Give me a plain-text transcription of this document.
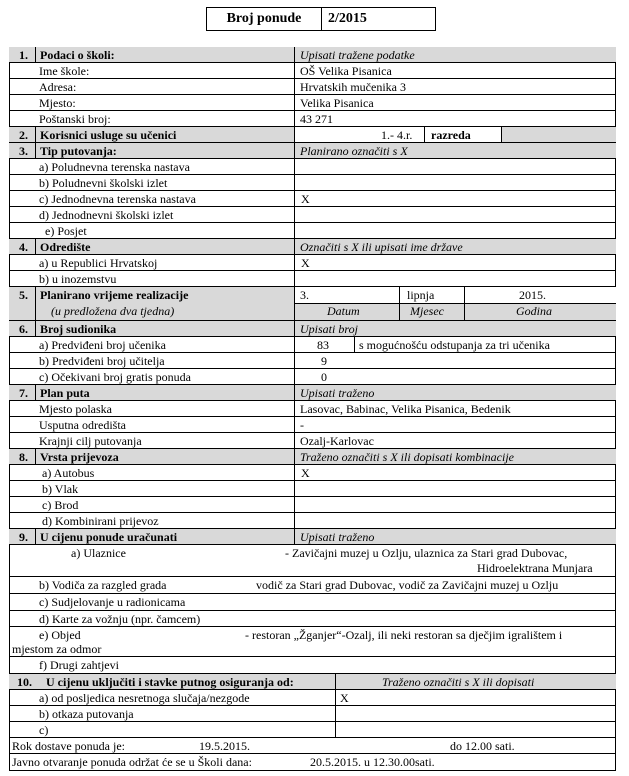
Broj ponude	2/2015
1. Podaci o školi:	Upisati tražene podatke
Ime škole:	OŠ Velika Pisanica
Adresa:	Hrvatskih mučenika 3
Mjesto:	Velika Pisanica
Poštanski broj:	43 271
2. Korisnici usluge su učenici	1.- 4.r. razreda
3. Tip putovanja:	Planirano označiti s X
a) Poludnevna terenska nastava
b) Poludnevni školski izlet
c) Jednodnevna terenska nastava	X
d) Jednodnevni školski izlet
e) Posjet
4. Odredište	Označiti s X ili upisati ime države
a) u Republici Hrvatskoj	X
b) u inozemstvu
5. Planirano vrijeme realizacije
(u predložena dva tjedna)
3.	lipnja	2015.
Datum	Mjesec	Godina
6. Broj sudionika	Upisati broj
a) Predviđeni broj učenika	83	s mogućnošću odstupanja za tri učenika
b) Predviđeni broj učitelja	9
c) Očekivani broj gratis ponuda	0
7. Plan puta	Upisati traženo
Mjesto polaska	Lasovac, Babinac, Velika Pisanica, Bedenik
Usputna odredišta	-
Krajnji cilj putovanja	Ozalj-Karlovac
8. Vrsta prijevoza	Traženo označiti s X ili dopisati kombinacije
a) Autobus	X
b) Vlak
c) Brod
d) Kombinirani prijevoz
9. U cijenu ponude uračunati	Upisati traženo
a) Ulaznice	- Zavičajni muzej u Ozlju, ulaznica za Stari grad Dubovac,
Hidroelektrana Munjara
b) Vodiča za razgled grada	vodič za Stari grad Dubovac, vodič za Zavičajni muzej u Ozlju
c) Sudjelovanje u radionicama
d) Karte za vožnju (npr. čamcem)
e) Objed	- restoran „Žganjer“-Ozalj, ili neki restoran sa dječjim igralištem i
mjestom za odmor
f) Drugi zahtjevi
10. U cijenu uključiti i stavke putnog osiguranja od:	Traženo označiti s X ili dopisati
a) od posljedica nesretnoga slučaja/nezgode	X
b) otkaza putovanja
c)
Rok dostave ponuda je:	19.5.2015.	do 12.00 sati.
Javno otvaranje ponuda održat će se u Školi dana:	20.5.2015. u 12.30.00sati.
